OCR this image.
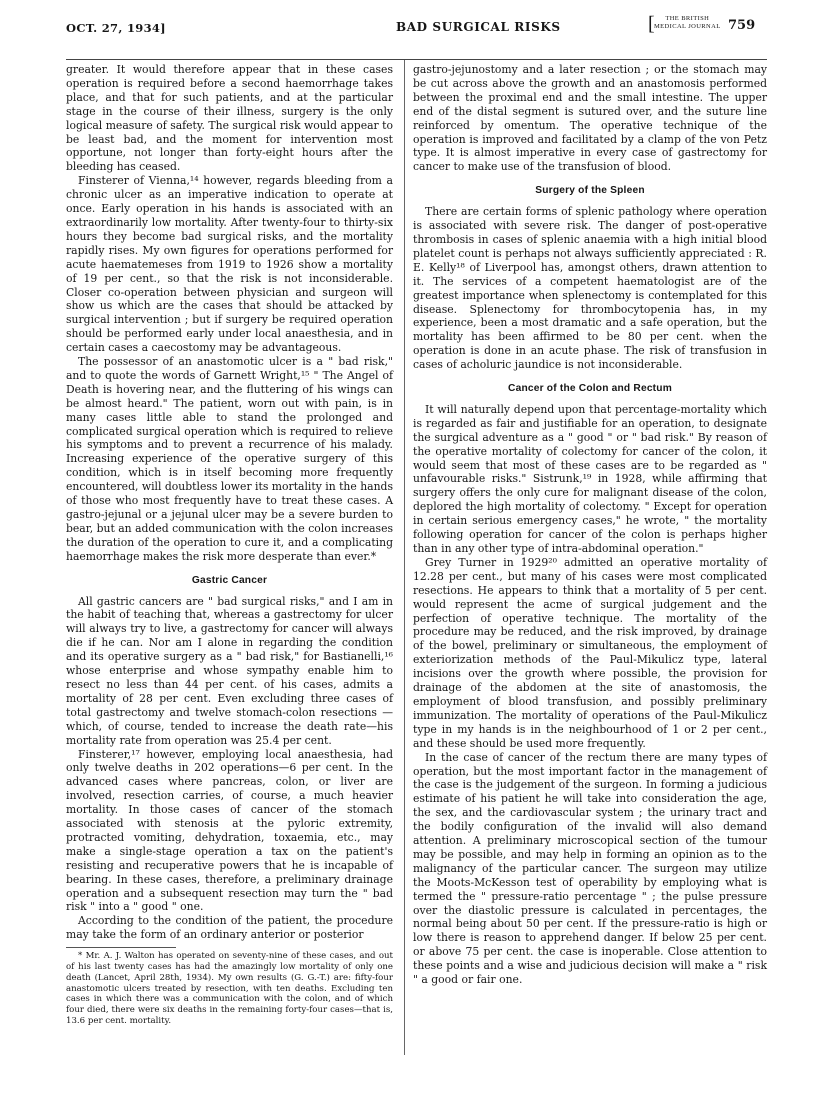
OCT. 27, 1934]	BAD SURGICAL RISKS	[	THE BRITISH
MEDICAL JOURNAL 759

greater. It would therefore appear that in these cases operation is required before a second haemorrhage takes place, and that for such patients, and at the particular stage in the course of their illness, surgery is the only logical measure of safety. The surgical risk would appear to be least bad, and the moment for intervention most opportune, not longer than forty-eight hours after the bleeding has ceased.

Finsterer of Vienna,¹⁴ however, regards bleeding from a chronic ulcer as an imperative indication to operate at once. Early operation in his hands is associated with an extraordinarily low mortality. After twenty-four to thirty-six hours they become bad surgical risks, and the mortality rapidly rises. My own figures for operations performed for acute haematemeses from 1919 to 1926 show a mortality of 19 per cent., so that the risk is not inconsiderable. Closer co-operation between physician and surgeon will show us which are the cases that should be attacked by surgical intervention ; but if surgery be required operation should be performed early under local anaesthesia, and in certain cases a caecostomy may be advantageous.

The possessor of an anastomotic ulcer is a " bad risk," and to quote the words of Garnett Wright,¹⁵ " The Angel of Death is hovering near, and the fluttering of his wings can be almost heard." The patient, worn out with pain, is in many cases little able to stand the prolonged and complicated surgical operation which is required to relieve his symptoms and to prevent a recurrence of his malady. Increasing experience of the operative surgery of this condition, which is in itself becoming more frequently encountered, will doubtless lower its mortality in the hands of those who most frequently have to treat these cases. A gastro-jejunal or a jejunal ulcer may be a severe burden to bear, but an added communication with the colon increases the duration of the operation to cure it, and a complicating haemorrhage makes the risk more desperate than ever.*

Gastric Cancer

All gastric cancers are " bad surgical risks," and I am in the habit of teaching that, whereas a gastrectomy for ulcer will always try to live, a gastrectomy for cancer will always die if he can. Nor am I alone in regarding the condition and its operative surgery as a " bad risk," for Bastianelli,¹⁶ whose enterprise and whose sympathy enable him to resect no less than 44 per cent. of his cases, admits a mortality of 28 per cent. Even excluding three cases of total gastrectomy and twelve stomach-colon resections —which, of course, tended to increase the death rate—his mortality rate from operation was 25.4 per cent.

Finsterer,¹⁷ however, employing local anaesthesia, had only twelve deaths in 202 operations—6 per cent. In the advanced cases where pancreas, colon, or liver are involved, resection carries, of course, a much heavier mortality. In those cases of cancer of the stomach associated with stenosis at the pyloric extremity, protracted vomiting, dehydration, toxaemia, etc., may make a single-stage operation a tax on the patient's resisting and recuperative powers that he is incapable of bearing. In these cases, therefore, a preliminary drainage operation and a subsequent resection may turn the " bad risk " into a " good " one.

According to the condition of the patient, the procedure may take the form of an ordinary anterior or posterior

* Mr. A. J. Walton has operated on seventy-nine of these cases, and out of his last twenty cases has had the amazingly low mortality of only one death (Lancet, April 28th, 1934). My own results (G. G.-T.) are: fifty-four anastomotic ulcers treated by resection, with ten deaths. Excluding ten cases in which there was a communication with the colon, and of which four died, there were six deaths in the remaining forty-four cases—that is, 13.6 per cent. mortality.

gastro-jejunostomy and a later resection ; or the stomach may be cut across above the growth and an anastomosis performed between the proximal end and the small intestine. The upper end of the distal segment is sutured over, and the suture line reinforced by omentum. The operative technique of the operation is improved and facilitated by a clamp of the von Petz type. It is almost imperative in every case of gastrectomy for cancer to make use of the transfusion of blood.

Surgery of the Spleen

There are certain forms of splenic pathology where operation is associated with severe risk. The danger of post-operative thrombosis in cases of splenic anaemia with a high initial blood platelet count is perhaps not always sufficiently appreciated : R. E. Kelly¹⁸ of Liverpool has, amongst others, drawn attention to it. The services of a competent haematologist are of the greatest importance when splenectomy is contemplated for this disease. Splenectomy for thrombocytopenia has, in my experience, been a most dramatic and a safe operation, but the mortality has been affirmed to be 80 per cent. when the operation is done in an acute phase. The risk of transfusion in cases of acholuric jaundice is not inconsiderable.

Cancer of the Colon and Rectum

It will naturally depend upon that percentage-mortality which is regarded as fair and justifiable for an operation, to designate the surgical adventure as a " good " or " bad risk." By reason of the operative mortality of colectomy for cancer of the colon, it would seem that most of these cases are to be regarded as " unfavourable risks." Sistrunk,¹⁹ in 1928, while affirming that surgery offers the only cure for malignant disease of the colon, deplored the high mortality of colectomy. " Except for operation in certain serious emergency cases," he wrote, " the mortality following operation for cancer of the colon is perhaps higher than in any other type of intra-abdominal operation."

Grey Turner in 1929²⁰ admitted an operative mortality of 12.28 per cent., but many of his cases were most complicated resections. He appears to think that a mortality of 5 per cent. would represent the acme of surgical judgement and the perfection of operative technique. The mortality of the procedure may be reduced, and the risk improved, by drainage of the bowel, preliminary or simultaneous, the employment of exteriorization methods of the Paul-Mikulicz type, lateral incisions over the growth where possible, the provision for drainage of the abdomen at the site of anastomosis, the employment of blood transfusion, and possibly preliminary immunization. The mortality of operations of the Paul-Mikulicz type in my hands is in the neighbourhood of 1 or 2 per cent., and these should be used more frequently.

In the case of cancer of the rectum there are many types of operation, but the most important factor in the management of the case is the judgement of the surgeon. In forming a judicious estimate of his patient he will take into consideration the age, the sex, and the cardiovascular system ; the urinary tract and the bodily configuration of the invalid will also demand attention. A preliminary microscopical section of the tumour may be possible, and may help in forming an opinion as to the malignancy of the particular cancer. The surgeon may utilize the Moots-McKesson test of operability by employing what is termed the " pressure-ratio percentage " ; the pulse pressure over the diastolic pressure is calculated in percentages, the normal being about 50 per cent. If the pressure-ratio is high or low there is reason to apprehend danger. If below 25 per cent. or above 75 per cent. the case is inoperable. Close attention to these points and a wise and judicious decision will make a " risk " a good or fair one.
